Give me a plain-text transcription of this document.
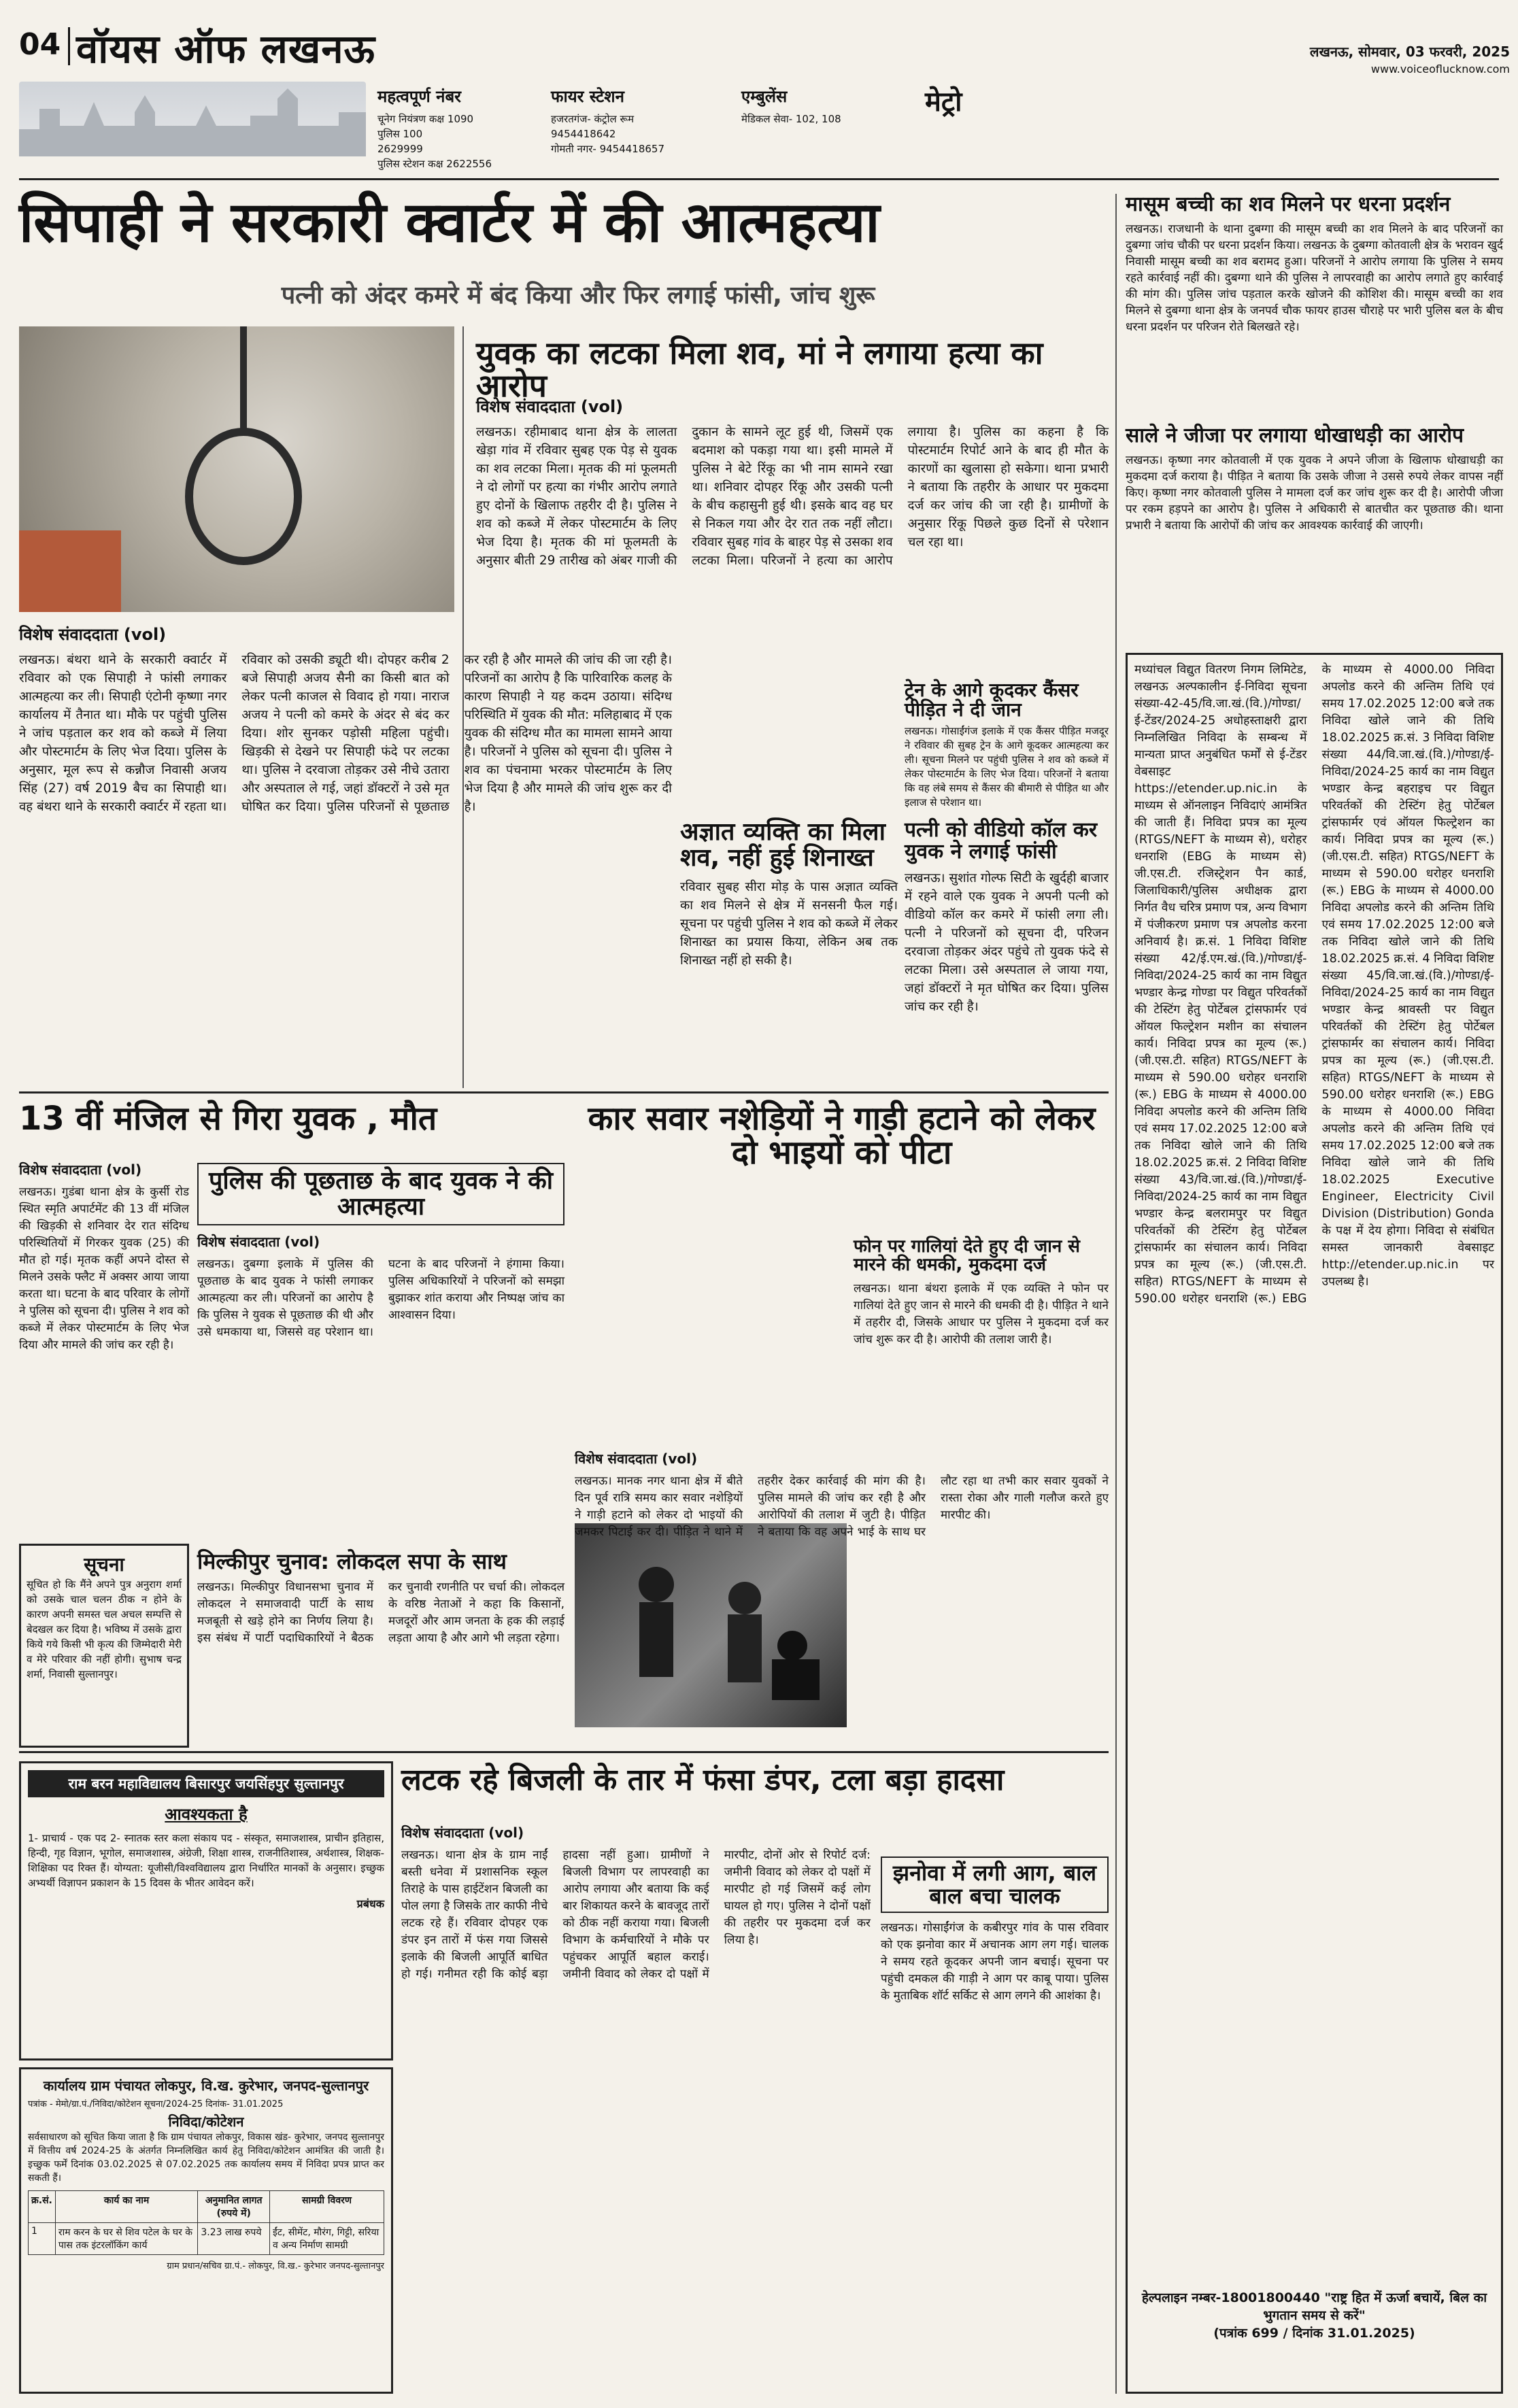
04 वॉयस ऑफ लखनऊ	लखनऊ, सोमवार, 03 फरवरी, 2025
www.voiceoflucknow.com
महत्वपूर्ण नंबर
चूनेग नियंत्रण कक्ष 1090
पुलिस 100
2629999
पुलिस स्टेशन कक्ष 2622556
फायर स्टेशन
हजरतगंज- कंट्रोल रूम
9454418642
गोमती नगर- 9454418657
एम्बुलेंस
मेडिकल सेवा- 102, 108
मेट्रो
सिपाही ने सरकारी क्वार्टर में की आत्महत्या
पत्नी को अंदर कमरे में बंद किया और फिर लगाई फांसी, जांच शुरू
विशेष संवाददाता (vol)
लखनऊ। बंथरा थाने के सरकारी क्वार्टर में रविवार को एक सिपाही ने फांसी लगाकर आत्महत्या कर ली। सिपाही एंटोनी कृष्णा नगर कार्यालय में तैनात था। मौके पर पहुंची पुलिस ने जांच पड़ताल कर शव को कब्जे में लिया और पोस्टमार्टम के लिए भेज दिया। पुलिस के अनुसार, मूल रूप से कन्नौज निवासी अजय सिंह (27) वर्ष 2019 बैच का सिपाही था। वह बंथरा थाने के सरकारी क्वार्टर में रहता था। रविवार को उसकी ड्यूटी थी। दोपहर करीब 2 बजे सिपाही अजय सैनी का किसी बात को लेकर पत्नी काजल से विवाद हो गया। नाराज अजय ने पत्नी को कमरे के अंदर से बंद कर दिया। शोर सुनकर पड़ोसी महिला पहुंची। खिड़की से देखने पर सिपाही फंदे पर लटका था। पुलिस ने दरवाजा तोड़कर उसे नीचे उतारा और अस्पताल ले गई, जहां डॉक्टरों ने उसे मृत घोषित कर दिया। पुलिस परिजनों से पूछताछ कर रही है और मामले की जांच की जा रही है। परिजनों का आरोप है कि पारिवारिक कलह के कारण सिपाही ने यह कदम उठाया। संदिग्ध परिस्थिति में युवक की मौत: मलिहाबाद में एक युवक की संदिग्ध मौत का मामला सामने आया है। परिजनों ने पुलिस को सूचना दी। पुलिस ने शव का पंचनामा भरकर पोस्टमार्टम के लिए भेज दिया है और मामले की जांच शुरू कर दी है।
युवक का लटका मिला शव, मां ने लगाया हत्या का आरोप
विशेष संवाददाता (vol)
लखनऊ। रहीमाबाद थाना क्षेत्र के लालता खेड़ा गांव में रविवार सुबह एक पेड़ से युवक का शव लटका मिला। मृतक की मां फूलमती ने दो लोगों पर हत्या का गंभीर आरोप लगाते हुए दोनों के खिलाफ तहरीर दी है। पुलिस ने शव को कब्जे में लेकर पोस्टमार्टम के लिए भेज दिया है। मृतक की मां फूलमती के अनुसार बीती 29 तारीख को अंबर गाजी की दुकान के सामने लूट हुई थी, जिसमें एक बदमाश को पकड़ा गया था। इसी मामले में पुलिस ने बेटे रिंकू का भी नाम सामने रखा था। शनिवार दोपहर रिंकू और उसकी पत्नी के बीच कहासुनी हुई थी। इसके बाद वह घर से निकल गया और देर रात तक नहीं लौटा। रविवार सुबह गांव के बाहर पेड़ से उसका शव लटका मिला। परिजनों ने हत्या का आरोप लगाया है। पुलिस का कहना है कि पोस्टमार्टम रिपोर्ट आने के बाद ही मौत के कारणों का खुलासा हो सकेगा। थाना प्रभारी ने बताया कि तहरीर के आधार पर मुकदमा दर्ज कर जांच की जा रही है। ग्रामीणों के अनुसार रिंकू पिछले कुछ दिनों से परेशान चल रहा था।
अज्ञात व्यक्ति का मिला शव, नहीं हुई शिनाख्त
रविवार सुबह सीरा मोड़ के पास अज्ञात व्यक्ति का शव मिलने से क्षेत्र में सनसनी फैल गई। सूचना पर पहुंची पुलिस ने शव को कब्जे में लेकर शिनाख्त का प्रयास किया, लेकिन अब तक शिनाख्त नहीं हो सकी है।
पत्नी को वीडियो कॉल कर युवक ने लगाई फांसी
लखनऊ। सुशांत गोल्फ सिटी के खुर्दही बाजार में रहने वाले एक युवक ने अपनी पत्नी को वीडियो कॉल कर कमरे में फांसी लगा ली। पत्नी ने परिजनों को सूचना दी, परिजन दरवाजा तोड़कर अंदर पहुंचे तो युवक फंदे से लटका मिला। उसे अस्पताल ले जाया गया, जहां डॉक्टरों ने मृत घोषित कर दिया। पुलिस जांच कर रही है।
मासूम बच्ची का शव मिलने पर धरना प्रदर्शन
लखनऊ। राजधानी के थाना दुबग्गा की मासूम बच्ची का शव मिलने के बाद परिजनों का दुबग्गा जांच चौकी पर धरना प्रदर्शन किया। लखनऊ के दुबग्गा कोतवाली क्षेत्र के भरावन खुर्द निवासी मासूम बच्ची का शव बरामद हुआ। परिजनों ने आरोप लगाया कि पुलिस ने समय रहते कार्रवाई नहीं की। दुबग्गा थाने की पुलिस ने लापरवाही का आरोप लगाते हुए कार्रवाई की मांग की। पुलिस जांच पड़ताल करके खोजने की कोशिश की। मासूम बच्ची का शव मिलने से दुबग्गा थाना क्षेत्र के जनपर्व चौक फायर हाउस चौराहे पर भारी पुलिस बल के बीच धरना प्रदर्शन पर परिजन रोते बिलखते रहे।
साले ने जीजा पर लगाया धोखाधड़ी का आरोप
लखनऊ। कृष्णा नगर कोतवाली में एक युवक ने अपने जीजा के खिलाफ धोखाधड़ी का मुकदमा दर्ज कराया है। पीड़ित ने बताया कि उसके जीजा ने उससे रुपये लेकर वापस नहीं किए। कृष्णा नगर कोतवाली पुलिस ने मामला दर्ज कर जांच शुरू कर दी है। आरोपी जीजा पर रकम हड़पने का आरोप है। पुलिस ने अधिकारी से बातचीत कर पूछताछ की। थाना प्रभारी ने बताया कि आरोपों की जांच कर आवश्यक कार्रवाई की जाएगी।
मध्यांचल विद्युत वितरण निगम लिमिटेड, लखनऊ अल्पकालीन ई-निविदा सूचना संख्या-42-45/वि.जा.खं.(वि.)/गोण्डा/ई-टेंडर/2024-25 अधोहस्ताक्षरी द्वारा निम्नलिखित निविदा के सम्बन्ध में मान्यता प्राप्त अनुबंधित फर्मों से ई-टेंडर वेबसाइट https://etender.up.nic.in के माध्यम से ऑनलाइन निविदाएं आमंत्रित की जाती हैं। निविदा प्रपत्र का मूल्य (RTGS/NEFT के माध्यम से), धरोहर धनराशि (EBG के माध्यम से) जी.एस.टी. रजिस्ट्रेशन पैन कार्ड, जिलाधिकारी/पुलिस अधीक्षक द्वारा निर्गत वैध चरित्र प्रमाण पत्र, अन्य विभाग में पंजीकरण प्रमाण पत्र अपलोड करना अनिवार्य है। क्र.सं. 1 निविदा विशिष्ट संख्या 42/ई.एम.खं.(वि.)/गोण्डा/ई-निविदा/2024-25 कार्य का नाम विद्युत भण्डार केन्द्र गोण्डा पर विद्युत परिवर्तकों की टेस्टिंग हेतु पोर्टेबल ट्रांसफार्मर एवं ऑयल फिल्ट्रेशन मशीन का संचालन कार्य। निविदा प्रपत्र का मूल्य (रू.) (जी.एस.टी. सहित) RTGS/NEFT के माध्यम से 590.00 धरोहर धनराशि (रू.) EBG के माध्यम से 4000.00 निविदा अपलोड करने की अन्तिम तिथि एवं समय 17.02.2025 12:00 बजे तक निविदा खोले जाने की तिथि 18.02.2025 क्र.सं. 2 निविदा विशिष्ट संख्या 43/वि.जा.खं.(वि.)/गोण्डा/ई-निविदा/2024-25 कार्य का नाम विद्युत भण्डार केन्द्र बलरामपुर पर विद्युत परिवर्तकों की टेस्टिंग हेतु पोर्टेबल ट्रांसफार्मर का संचालन कार्य। निविदा प्रपत्र का मूल्य (रू.) (जी.एस.टी. सहित) RTGS/NEFT के माध्यम से 590.00 धरोहर धनराशि (रू.) EBG के माध्यम से 4000.00 निविदा अपलोड करने की अन्तिम तिथि एवं समय 17.02.2025 12:00 बजे तक निविदा खोले जाने की तिथि 18.02.2025 क्र.सं. 3 निविदा विशिष्ट संख्या 44/वि.जा.खं.(वि.)/गोण्डा/ई-निविदा/2024-25 कार्य का नाम विद्युत भण्डार केन्द्र बहराइच पर विद्युत परिवर्तकों की टेस्टिंग हेतु पोर्टेबल ट्रांसफार्मर एवं ऑयल फिल्ट्रेशन का कार्य। निविदा प्रपत्र का मूल्य (रू.) (जी.एस.टी. सहित) RTGS/NEFT के माध्यम से 590.00 धरोहर धनराशि (रू.) EBG के माध्यम से 4000.00 निविदा अपलोड करने की अन्तिम तिथि एवं समय 17.02.2025 12:00 बजे तक निविदा खोले जाने की तिथि 18.02.2025 क्र.सं. 4 निविदा विशिष्ट संख्या 45/वि.जा.खं.(वि.)/गोण्डा/ई-निविदा/2024-25 कार्य का नाम विद्युत भण्डार केन्द्र श्रावस्ती पर विद्युत परिवर्तकों की टेस्टिंग हेतु पोर्टेबल ट्रांसफार्मर का संचालन कार्य। निविदा प्रपत्र का मूल्य (रू.) (जी.एस.टी. सहित) RTGS/NEFT के माध्यम से 590.00 धरोहर धनराशि (रू.) EBG के माध्यम से 4000.00 निविदा अपलोड करने की अन्तिम तिथि एवं समय 17.02.2025 12:00 बजे तक निविदा खोले जाने की तिथि 18.02.2025 Executive Engineer, Electricity Civil Division (Distribution) Gonda के पक्ष में देय होगा। निविदा से संबंधित समस्त जानकारी वेबसाइट http://etender.up.nic.in पर उपलब्ध है।
हेल्पलाइन नम्बर-18001800440 "राष्ट्र हित में ऊर्जा बचायें, बिल का भुगतान समय से करें"
(पत्रांक 699 / दिनांक 31.01.2025)
13 वीं मंजिल से गिरा युवक , मौत
विशेष संवाददाता (vol)
लखनऊ। गुडंबा थाना क्षेत्र के कुर्सी रोड स्थित स्मृति अपार्टमेंट की 13 वीं मंजिल की खिड़की से शनिवार देर रात संदिग्ध परिस्थितियों में गिरकर युवक (25) की मौत हो गई। मृतक कहीं अपने दोस्त से मिलने उसके फ्लैट में अक्सर आया जाया करता था। घटना के बाद परिवार के लोगों ने पुलिस को सूचना दी। पुलिस ने शव को कब्जे में लेकर पोस्टमार्टम के लिए भेज दिया और मामले की जांच कर रही है।
पुलिस की पूछताछ के बाद युवक ने की आत्महत्या
विशेष संवाददाता (vol)
लखनऊ। दुबग्गा इलाके में पुलिस की पूछताछ के बाद युवक ने फांसी लगाकर आत्महत्या कर ली। परिजनों का आरोप है कि पुलिस ने युवक से पूछताछ की थी और उसे धमकाया था, जिससे वह परेशान था। घटना के बाद परिजनों ने हंगामा किया। पुलिस अधिकारियों ने परिजनों को समझा बुझाकर शांत कराया और निष्पक्ष जांच का आश्वासन दिया।
कार सवार नशेड़ियों ने गाड़ी हटाने को लेकर दो भाइयों को पीटा
विशेष संवाददाता (vol)
लखनऊ। मानक नगर थाना क्षेत्र में बीते दिन पूर्व रात्रि समय कार सवार नशेड़ियों ने गाड़ी हटाने को लेकर दो भाइयों की जमकर पिटाई कर दी। पीड़ित ने थाने में तहरीर देकर कार्रवाई की मांग की है। पुलिस मामले की जांच कर रही है और आरोपियों की तलाश में जुटी है। पीड़ित ने बताया कि वह अपने भाई के साथ घर लौट रहा था तभी कार सवार युवकों ने रास्ता रोका और गाली गलौज करते हुए मारपीट की।
फोन पर गालियां देते हुए दी जान से मारने की धमकी, मुकदमा दर्ज
लखनऊ। थाना बंथरा इलाके में एक व्यक्ति ने फोन पर गालियां देते हुए जान से मारने की धमकी दी है। पीड़ित ने थाने में तहरीर दी, जिसके आधार पर पुलिस ने मुकदमा दर्ज कर जांच शुरू कर दी है। आरोपी की तलाश जारी है।
मिल्कीपुर चुनाव: लोकदल सपा के साथ
लखनऊ। मिल्कीपुर विधानसभा चुनाव में लोकदल ने समाजवादी पार्टी के साथ मजबूती से खड़े होने का निर्णय लिया है। इस संबंध में पार्टी पदाधिकारियों ने बैठक कर चुनावी रणनीति पर चर्चा की। लोकदल के वरिष्ठ नेताओं ने कहा कि किसानों, मजदूरों और आम जनता के हक की लड़ाई लड़ता आया है और आगे भी लड़ता रहेगा।
सूचना
सूचित हो कि मैंने अपने पुत्र अनुराग शर्मा को उसके चाल चलन ठीक न होने के कारण अपनी समस्त चल अचल सम्पत्ति से बेदखल कर दिया है। भविष्य में उसके द्वारा किये गये किसी भी कृत्य की जिम्मेदारी मेरी व मेरे परिवार की नहीं होगी। सुभाष चन्द्र शर्मा, निवासी सुल्तानपुर।
राम बरन महाविद्यालय बिसारपुर जयसिंहपुर सुल्तानपुर
आवश्यकता है
1- प्राचार्य - एक पद 2- स्नातक स्तर कला संकाय पद - संस्कृत, समाजशास्त्र, प्राचीन इतिहास, हिन्दी, गृह विज्ञान, भूगोल, समाजशास्त्र, अंग्रेजी, शिक्षा शास्त्र, राजनीतिशास्त्र, अर्थशास्त्र, शिक्षक-शिक्षिका पद रिक्त हैं। योग्यता: यूजीसी/विश्वविद्यालय द्वारा निर्धारित मानकों के अनुसार। इच्छुक अभ्यर्थी विज्ञापन प्रकाशन के 15 दिवस के भीतर आवेदन करें।
प्रबंधक
कार्यालय ग्राम पंचायत लोकपुर, वि.ख. कुरेभार, जनपद-सुल्तानपुर
पत्रांक - मेमो/ग्रा.पं./निविदा/कोटेशन सूचना/2024-25 दिनांक- 31.01.2025
निविदा/कोटेशन
सर्वसाधारण को सूचित किया जाता है कि ग्राम पंचायत लोकपुर, विकास खंड- कुरेभार, जनपद सुल्तानपुर में वित्तीय वर्ष 2024-25 के अंतर्गत निम्नलिखित कार्य हेतु निविदा/कोटेशन आमंत्रित की जाती है। इच्छुक फर्में दिनांक 03.02.2025 से 07.02.2025 तक कार्यालय समय में निविदा प्रपत्र प्राप्त कर सकती हैं।
क्र.सं.	कार्य का नाम	अनुमानित लागत (रुपये में)	सामग्री विवरण
1	राम करन के घर से शिव पटेल के घर के पास तक इंटरलॉकिंग कार्य	3.23 लाख रुपये	ईंट, सीमेंट, मौरंग, गिट्टी, सरिया व अन्य निर्माण सामग्री
ग्राम प्रधान/सचिव ग्रा.पं.- लोकपुर, वि.ख.- कुरेभार जनपद-सुल्तानपुर
लटक रहे बिजली के तार में फंसा डंपर, टला बड़ा हादसा
विशेष संवाददाता (vol)
लखनऊ। थाना क्षेत्र के ग्राम नाईं बस्ती धनेवा में प्रशासनिक स्कूल तिराहे के पास हाईटेंशन बिजली का पोल लगा है जिसके तार काफी नीचे लटक रहे हैं। रविवार दोपहर एक डंपर इन तारों में फंस गया जिससे इलाके की बिजली आपूर्ति बाधित हो गई। गनीमत रही कि कोई बड़ा हादसा नहीं हुआ। ग्रामीणों ने बिजली विभाग पर लापरवाही का आरोप लगाया और बताया कि कई बार शिकायत करने के बावजूद तारों को ठीक नहीं कराया गया। बिजली विभाग के कर्मचारियों ने मौके पर पहुंचकर आपूर्ति बहाल कराई। जमीनी विवाद को लेकर दो पक्षों में मारपीट, दोनों ओर से रिपोर्ट दर्ज: जमीनी विवाद को लेकर दो पक्षों में मारपीट हो गई जिसमें कई लोग घायल हो गए। पुलिस ने दोनों पक्षों की तहरीर पर मुकदमा दर्ज कर लिया है।
झनोवा में लगी आग, बाल बाल बचा चालक
लखनऊ। गोसाईंगंज के कबीरपुर गांव के पास रविवार को एक झनोवा कार में अचानक आग लग गई। चालक ने समय रहते कूदकर अपनी जान बचाई। सूचना पर पहुंची दमकल की गाड़ी ने आग पर काबू पाया। पुलिस के मुताबिक शॉर्ट सर्किट से आग लगने की आशंका है।
ट्रेन के आगे कूदकर कैंसर पीड़ित ने दी जान
लखनऊ। गोसाईंगंज इलाके में एक कैंसर पीड़ित मजदूर ने रविवार की सुबह ट्रेन के आगे कूदकर आत्महत्या कर ली। सूचना मिलने पर पहुंची पुलिस ने शव को कब्जे में लेकर पोस्टमार्टम के लिए भेज दिया। परिजनों ने बताया कि वह लंबे समय से कैंसर की बीमारी से पीड़ित था और इलाज से परेशान था।
